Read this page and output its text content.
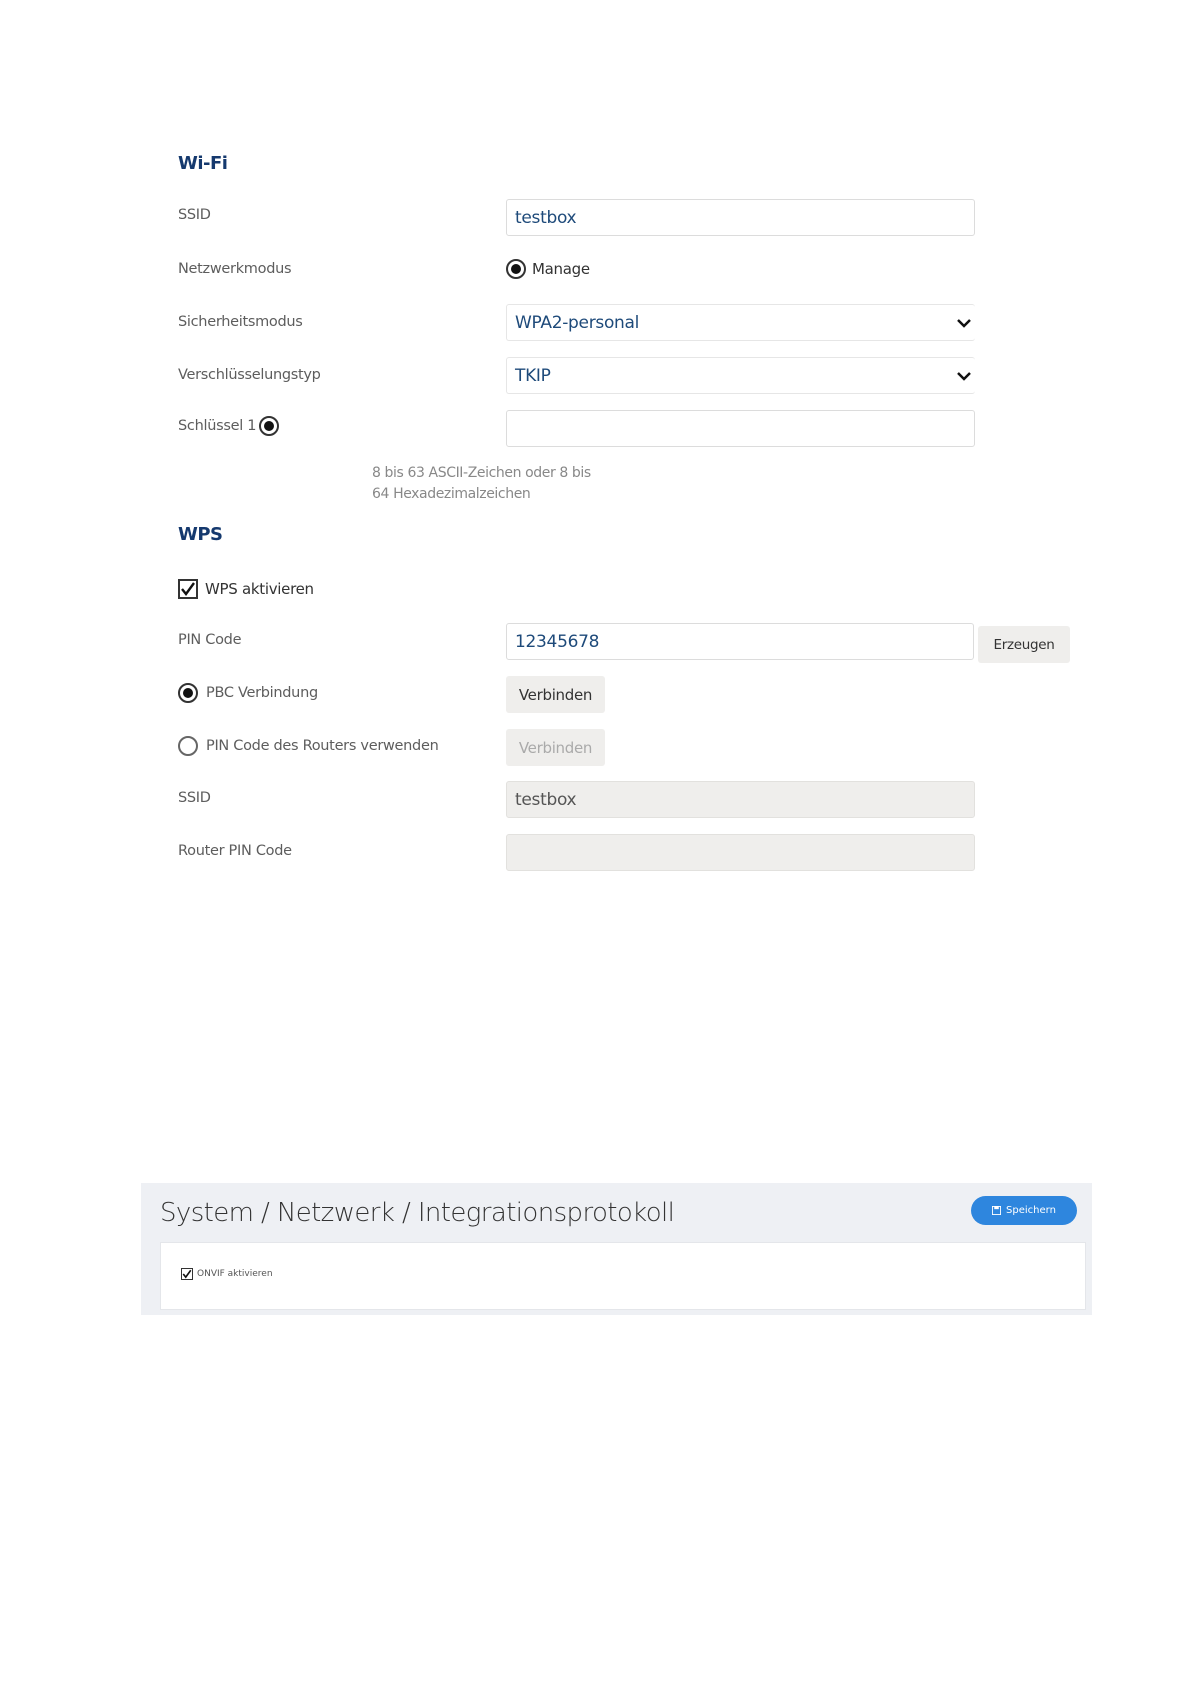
Wi-Fi
SSID	testbox
Netzwerkmodus	Manage
Sicherheitsmodus	WPA2-personal
Verschlüsselungstyp	TKIP
Schlüssel 1
8 bis 63 ASCII-Zeichen oder 8 bis
64 Hexadezimalzeichen
WPS
WPS aktivieren
PIN Code	12345678	Erzeugen
PBC Verbindung	Verbinden
PIN Code des Routers verwenden	Verbinden
SSID	testbox
Router PIN Code
System / Netzwerk / Integrationsprotokoll	Speichern
ONVIF aktivieren
